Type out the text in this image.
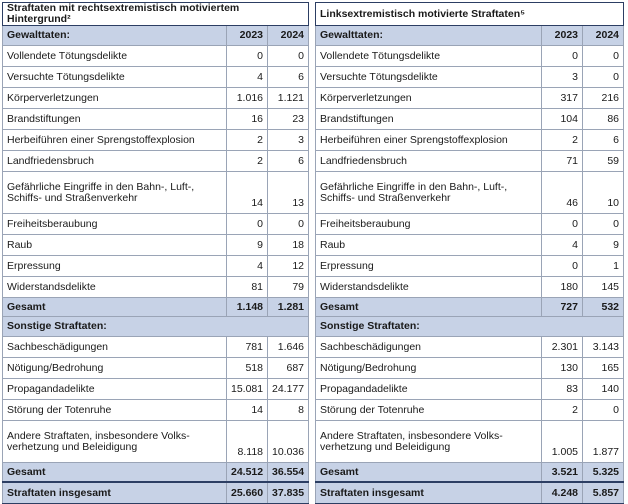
Straftaten mit rechtsextremistisch motiviertem Hintergrund²		
Gewalttaten:	2023	2024
Vollendete Tötungsdelikte	0	0
Versuchte Tötungsdelikte	4	6
Körperverletzungen	1.016	1.121
Brandstiftungen	16	23
Herbeiführen einer Sprengstoffexplosion	2	3
Landfriedensbruch	2	6
Gefährliche Eingriffe in den Bahn-, Luft-, Schiffs- und Straßenverkehr	14	13
Freiheitsberaubung	0	0
Raub	9	18
Erpressung	4	12
Widerstandsdelikte	81	79
Gesamt	1.148	1.281
Sonstige Straftaten:		
Sachbeschädigungen	781	1.646
Nötigung/Bedrohung	518	687
Propagandadelikte	15.081	24.177
Störung der Totenruhe	14	8
Andere Straftaten, insbesondere Volks-verhetzung und Beleidigung	8.118	10.036
Gesamt	24.512	36.554
Straftaten insgesamt	25.660	37.835
Linksextremistisch motivierte Straftaten⁵		
Gewalttaten:	2023	2024
Vollendete Tötungsdelikte	0	0
Versuchte Tötungsdelikte	3	0
Körperverletzungen	317	216
Brandstiftungen	104	86
Herbeiführen einer Sprengstoffexplosion	2	6
Landfriedensbruch	71	59
Gefährliche Eingriffe in den Bahn-, Luft-, Schiffs- und Straßenverkehr	46	10
Freiheitsberaubung	0	0
Raub	4	9
Erpressung	0	1
Widerstandsdelikte	180	145
Gesamt	727	532
Sonstige Straftaten:		
Sachbeschädigungen	2.301	3.143
Nötigung/Bedrohung	130	165
Propagandadelikte	83	140
Störung der Totenruhe	2	0
Andere Straftaten, insbesondere Volks-verhetzung und Beleidigung	1.005	1.877
Gesamt	3.521	5.325
Straftaten insgesamt	4.248	5.857
